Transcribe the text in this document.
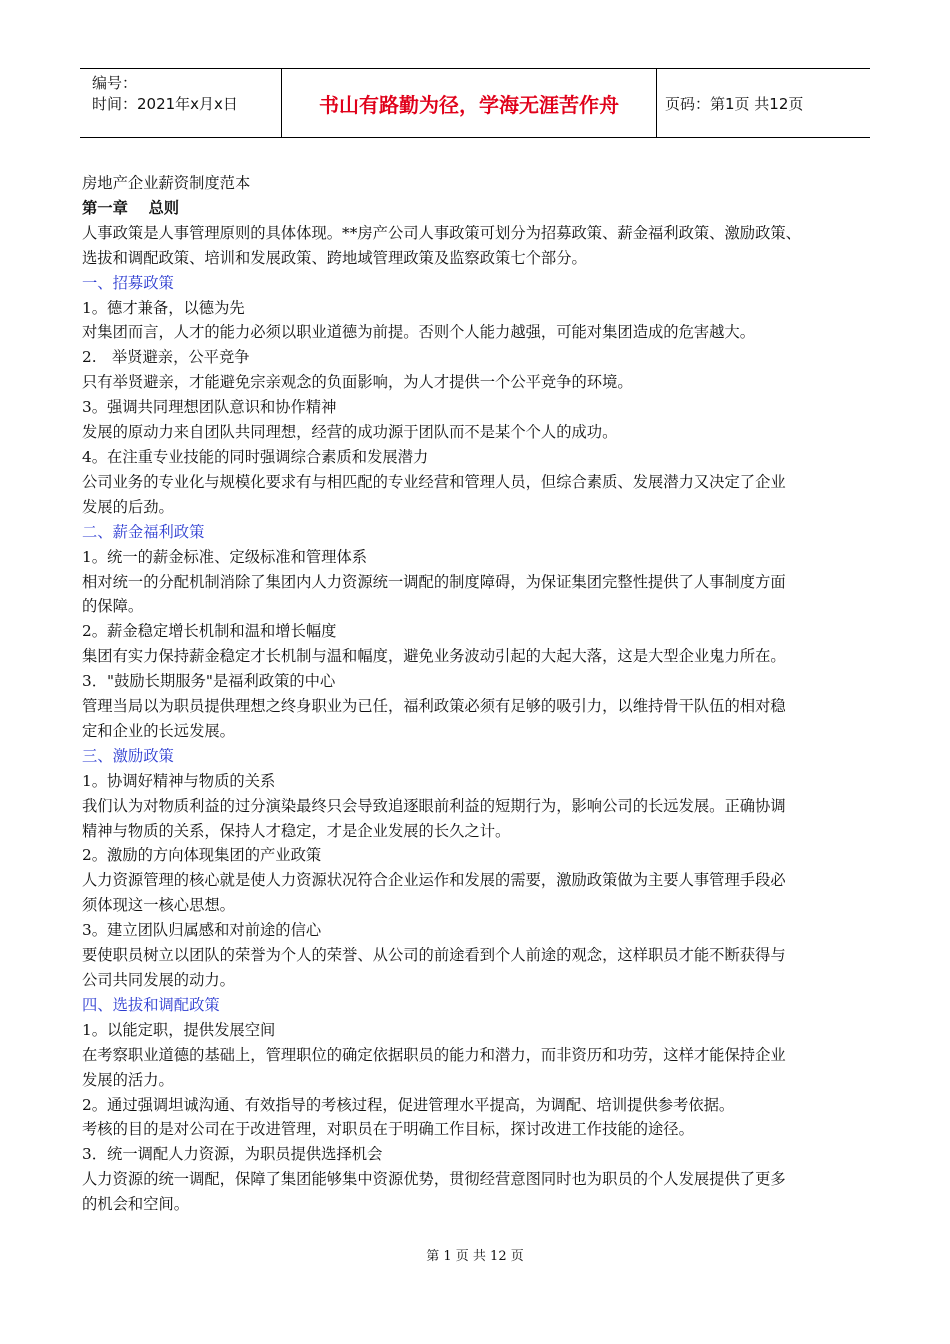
编号：
时间：2021年x月x日	书山有路勤为径，学海无涯苦作舟	页码：第1页 共12页
房地产企业薪资制度范本
第一章　 总则
人事政策是人事管理原则的具体体现。**房产公司人事政策可划分为招募政策、薪金福利政策、激励政策、
选拔和调配政策、培训和发展政策、跨地域管理政策及监察政策七个部分。
一、招募政策
1。德才兼备，以德为先
对集团而言，人才的能力必须以职业道德为前提。否则个人能力越强，可能对集团造成的危害越大。
2.　举贤避亲，公平竞争
只有举贤避亲，才能避免宗亲观念的负面影响，为人才提供一个公平竞争的环境。
3。强调共同理想团队意识和协作精神
发展的原动力来自团队共同理想，经营的成功源于团队而不是某个个人的成功。
4。在注重专业技能的同时强调综合素质和发展潜力
公司业务的专业化与规模化要求有与相匹配的专业经营和管理人员，但综合素质、发展潜力又决定了企业
发展的后劲。
二、薪金福利政策
1。统一的薪金标准、定级标准和管理体系
相对统一的分配机制消除了集团内人力资源统一调配的制度障碍，为保证集团完整性提供了人事制度方面
的保障。
2。薪金稳定增长机制和温和增长幅度
集团有实力保持薪金稳定才长机制与温和幅度，避免业务波动引起的大起大落，这是大型企业鬼力所在。
3．"鼓励长期服务"是福利政策的中心
管理当局以为职员提供理想之终身职业为已任，福利政策必须有足够的吸引力，以维持骨干队伍的相对稳
定和企业的长远发展。
三、激励政策
1。协调好精神与物质的关系
我们认为对物质利益的过分演染最终只会导致追逐眼前利益的短期行为，影响公司的长远发展。正确协调
精神与物质的关系，保持人才稳定，才是企业发展的长久之计。
2。激励的方向体现集团的产业政策
人力资源管理的核心就是使人力资源状况符合企业运作和发展的需要，激励政策做为主要人事管理手段必
须体现这一核心思想。
3。建立团队归属感和对前途的信心
要使职员树立以团队的荣誉为个人的荣誉、从公司的前途看到个人前途的观念，这样职员才能不断获得与
公司共同发展的动力。
四、选拔和调配政策
1。以能定职，提供发展空间
在考察职业道德的基础上，管理职位的确定依据职员的能力和潜力，而非资历和功劳，这样才能保持企业
发展的活力。
2。通过强调坦诚沟通、有效指导的考核过程，促进管理水平提高，为调配、培训提供参考依据。
考核的目的是对公司在于改进管理，对职员在于明确工作目标，探讨改进工作技能的途径。
3．统一调配人力资源，为职员提供选择机会
人力资源的统一调配，保障了集团能够集中资源优势，贯彻经营意图同时也为职员的个人发展提供了更多
的机会和空间。
第 1 页 共 12 页
